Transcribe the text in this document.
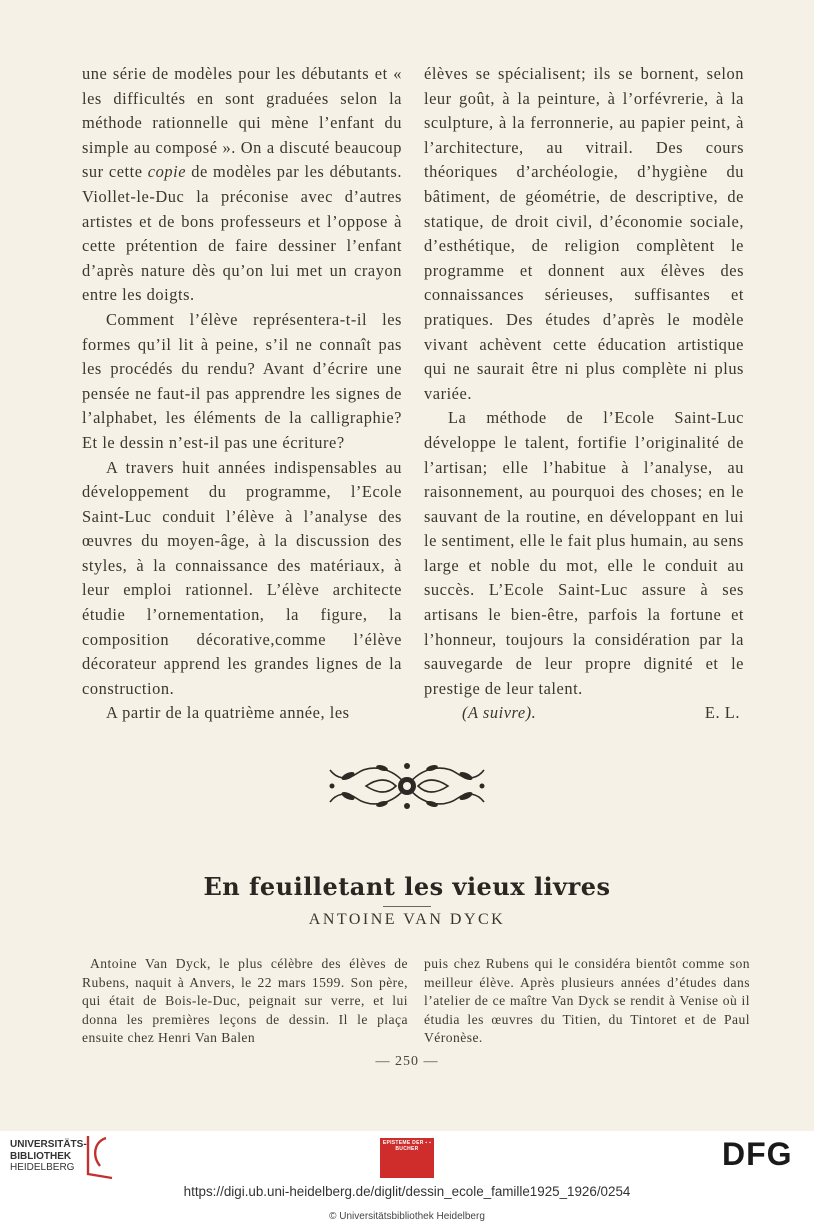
une série de modèles pour les débutants et « les difficultés en sont graduées selon la méthode rationnelle qui mène l’enfant du simple au composé ». On a discuté beaucoup sur cette copie de modèles par les débutants. Viollet-le-Duc la préconise avec d’autres artistes et de bons professeurs et l’oppose à cette prétention de faire dessiner l’enfant d’après nature dès qu’on lui met un crayon entre les doigts.

Comment l’élève représentera-t-il les formes qu’il lit à peine, s’il ne connaît pas les procédés du rendu? Avant d’écrire une pensée ne faut-il pas apprendre les signes de l’alphabet, les éléments de la calligraphie? Et le dessin n’est-il pas une écriture?

A travers huit années indispensables au développement du programme, l’Ecole Saint-Luc conduit l’élève à l’analyse des œuvres du moyen-âge, à la discussion des styles, à la connaissance des matériaux, à leur emploi rationnel. L’élève architecte étudie l’ornementation, la figure, la composition décorative,comme l’élève décorateur apprend les grandes lignes de la construction.

A partir de la quatrième année, les

élèves se spécialisent; ils se bornent, selon leur goût, à la peinture, à l’orfévrerie, à la sculpture, à la ferronnerie, au papier peint, à l’architecture, au vitrail. Des cours théoriques d’archéologie, d’hygiène du bâtiment, de géométrie, de descriptive, de statique, de droit civil, d’économie sociale, d’esthétique, de religion complètent le programme et donnent aux élèves des connaissances sérieuses, suffisantes et pratiques. Des études d’après le modèle vivant achèvent cette éducation artistique qui ne saurait être ni plus complète ni plus variée.

La méthode de l’Ecole Saint-Luc développe le talent, fortifie l’originalité de l’artisan; elle l’habitue à l’analyse, au raisonnement, au pourquoi des choses; en le sauvant de la routine, en développant en lui le sentiment, elle le fait plus humain, au sens large et noble du mot, elle le conduit au succès. L’Ecole Saint-Luc assure à ses artisans le bien-être, parfois la fortune et l’honneur, toujours la considération par la sauvegarde de leur propre dignité et le prestige de leur talent.

(A suivre).	E. L.
En feuilletant les vieux livres
ANTOINE VAN DYCK

Antoine Van Dyck, le plus célèbre des élèves de Rubens, naquit à Anvers, le 22 mars 1599. Son père, qui était de Bois-le-Duc, peignait sur verre, et lui donna les premières leçons de dessin. Il le plaça ensuite chez Henri Van Balen

puis chez Rubens qui le considéra bientôt comme son meilleur élève. Après plusieurs années d’études dans l’atelier de ce maître Van Dyck se rendit à Venise où il étudia les œuvres du Titien, du Tintoret et de Paul Véronèse.

— 250 —
UNIVERSITÄTS-
BIBLIOTHEK
HEIDELBERG
EPISTEME DER ▪ ▪ BUCHER	DFG
https://digi.ub.uni-heidelberg.de/diglit/dessin_ecole_famille1925_1926/0254
© Universitätsbibliothek Heidelberg
